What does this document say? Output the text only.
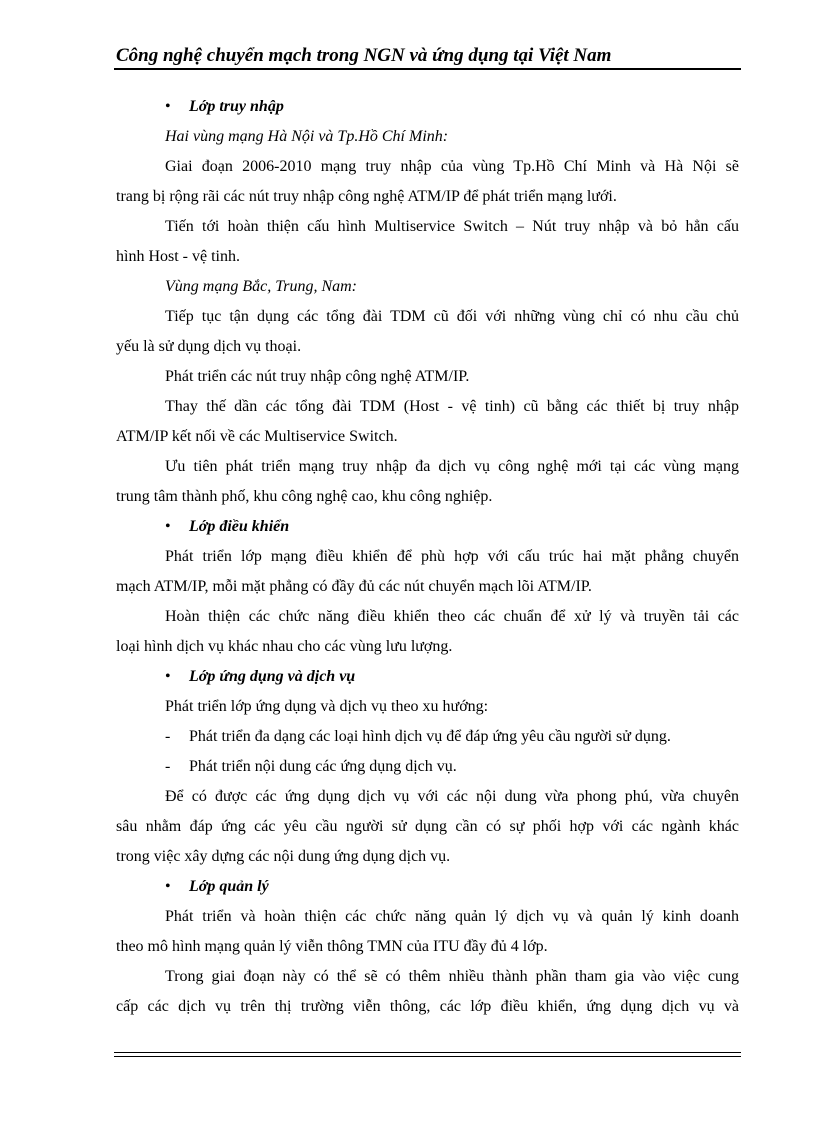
Công nghệ chuyển mạch trong NGN và ứng dụng tại Việt Nam
• Lớp truy nhập
Hai vùng mạng Hà Nội và Tp.Hồ Chí Minh:
Giai đoạn 2006-2010 mạng truy nhập của vùng Tp.Hồ Chí Minh và Hà Nội sẽ
trang bị rộng rãi các nút truy nhập công nghệ ATM/IP để phát triển mạng lưới.
Tiến tới hoàn thiện cấu hình Multiservice Switch – Nút truy nhập và bỏ hẳn cấu
hình Host - vệ tinh.
Vùng mạng Bắc, Trung, Nam:
Tiếp tục tận dụng các tổng đài TDM cũ đối với những vùng chỉ có nhu cầu chủ
yếu là sử dụng dịch vụ thoại.
Phát triển các nút truy nhập công nghệ ATM/IP.
Thay thế dần các tổng đài TDM (Host - vệ tinh) cũ bằng các thiết bị truy nhập
ATM/IP kết nối về các Multiservice Switch.
Ưu tiên phát triển mạng truy nhập đa dịch vụ công nghệ mới tại các vùng mạng
trung tâm thành phố, khu công nghệ cao, khu công nghiệp.
• Lớp điều khiển
Phát triển lớp mạng điều khiển để phù hợp với cấu trúc hai mặt phẳng chuyển
mạch ATM/IP, mỗi mặt phẳng có đầy đủ các nút chuyển mạch lõi ATM/IP.
Hoàn thiện các chức năng điều khiển theo các chuẩn để xử lý và truyền tải các
loại hình dịch vụ khác nhau cho các vùng lưu lượng.
• Lớp ứng dụng và dịch vụ
Phát triển lớp ứng dụng và dịch vụ theo xu hướng:
- Phát triển đa dạng các loại hình dịch vụ để đáp ứng yêu cầu người sử dụng.
- Phát triển nội dung các ứng dụng dịch vụ.
Để có được các ứng dụng dịch vụ với các nội dung vừa phong phú, vừa chuyên
sâu nhằm đáp ứng các yêu cầu người sử dụng cần có sự phối hợp với các ngành khác
trong việc xây dựng các nội dung ứng dụng dịch vụ.
• Lớp quản lý
Phát triển và hoàn thiện các chức năng quản lý dịch vụ và quản lý kinh doanh
theo mô hình mạng quản lý viễn thông TMN của ITU đầy đủ 4 lớp.
Trong giai đoạn này có thể sẽ có thêm nhiều thành phần tham gia vào việc cung
cấp các dịch vụ trên thị trường viễn thông, các lớp điều khiển, ứng dụng dịch vụ và
